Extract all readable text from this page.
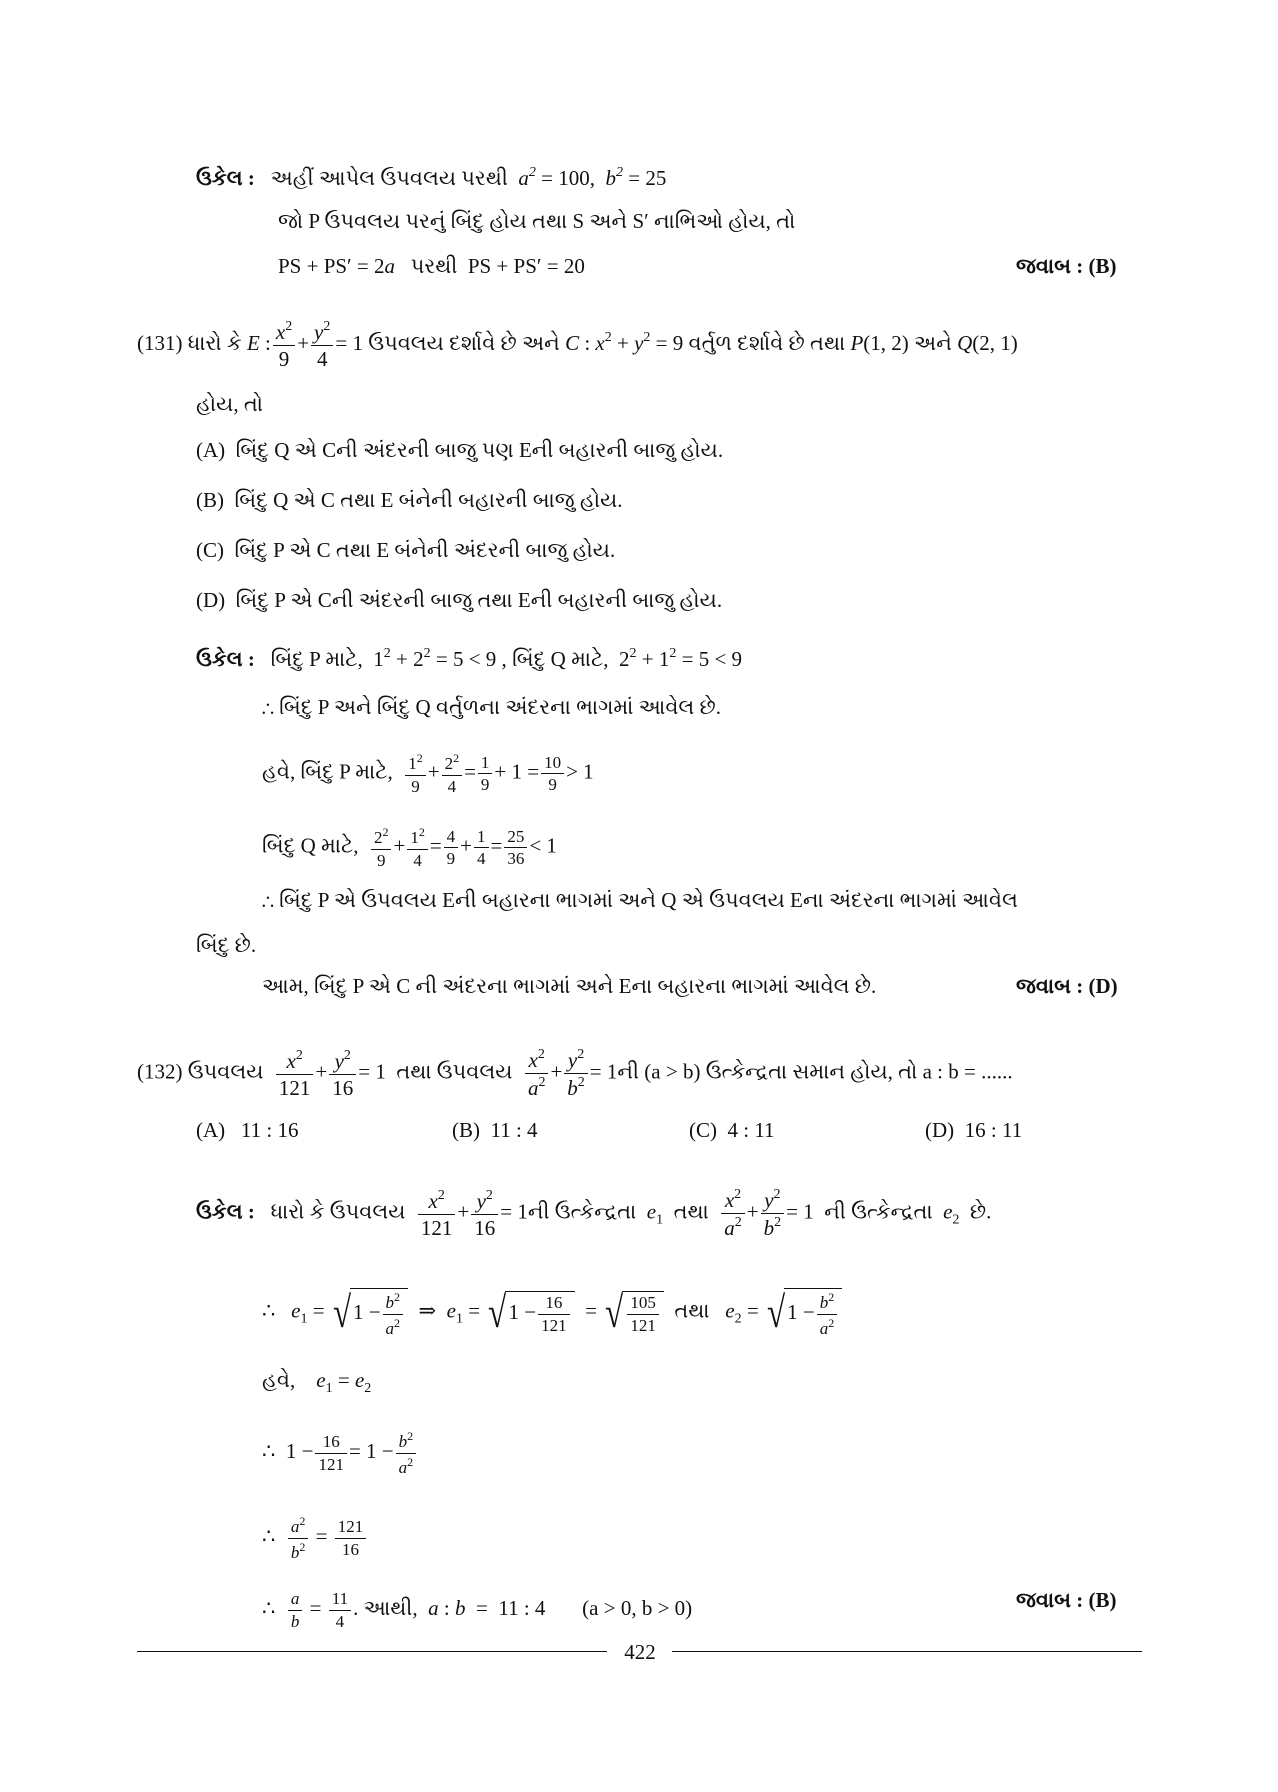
ઉકેલ : અહીં આપેલ ઉપવલય પરથી $a^2 = 100$,  $b^2 = 25$
જો P ઉપવલય પરનું બિંદુ હોય તથા S અને S′ નાભિઓ હોય, તો
PS + PS′ = 2a પરથી  PS + PS′ = 20	જવાબ : (B)
(131) ધારો કે E : $\frac{x^2}{9} + \frac{y^2}{4} = 1$ ઉપવલય દર્શાવે છે અને C : $x^2 + y^2 = 9$ વર્તુળ દર્શાવે છે તથા P(1, 2) અને Q(2, 1)
હોય, તો
(A) બિંદુ Q એ Cની અંદરની બાજુ પણ Eની બહારની બાજુ હોય.
(B) બિંદુ Q એ C તથા E બંનેની બહારની બાજુ હોય.
(C) બિંદુ P એ C તથા E બંનેની અંદરની બાજુ હોય.
(D) બિંદુ P એ Cની અંદરની બાજુ તથા Eની બહારની બાજુ હોય.
ઉકેલ : બિંદુ P માટે,  $1^2 + 2^2 = 5 < 9$ , બિંદુ Q માટે,  $2^2 + 1^2 = 5 < 9$
∴ બિંદુ P અને બિંદુ Q વર્તુળના અંદરના ભાગમાં આવેલ છે.
હવે, બિંદુ P માટે, $\frac{1^2}{9} + \frac{2^2}{4} = \frac{1}{9} + 1 = \frac{10}{9} > 1$
બિંદુ Q માટે, $\frac{2^2}{9} + \frac{1^2}{4} = \frac{4}{9} + \frac{1}{4} = \frac{25}{36} < 1$
∴ બિંદુ P એ ઉપવલય Eની બહારના ભાગમાં અને Q એ ઉપવલય Eના અંદરના ભાગમાં આવેલ
બિંદુ છે.
આમ, બિંદુ P એ C ની અંદરના ભાગમાં અને Eના બહારના ભાગમાં આવેલ છે.	જવાબ : (D)
(132) ઉપવલય $\frac{x^2}{121} + \frac{y^2}{16} = 1$  તથા ઉપવલય $\frac{x^2}{a^2} + \frac{y^2}{b^2}$ = 1ની (a > b) ઉત્કેન્દ્રતા સમાન હોય, તો a : b = ......
(A) 11 : 16	(B) 11 : 4	(C) 4 : 11	(D) 16 : 11
ઉકેલ : ધારો કે ઉપવલય $\frac{x^2}{121} + \frac{y^2}{16}$ = 1ની ઉત્કેન્દ્રતા $e_1$ તથા $\frac{x^2}{a^2} + \frac{y^2}{b^2} = 1$  ની ઉત્કેન્દ્રતા $e_2$ છે.
∴   $e_1 = √1 - \frac{b^2}{a^2}$ ⇒  $e_1 = √1 - \frac{16}{121}$ = √ $\frac{105}{121}$ તથા $e_2 = √1 - \frac{b^2}{a^2}$
હવે, $e_1 = e_2$
∴  $1 - \frac{16}{121} = 1 - \frac{b^2}{a^2}$
∴ $\frac{a^2}{b^2} = \frac{121}{16}$
∴ $\frac{a}{b} = \frac{11}{4}$ . આથી, a : b  =  11 : 4       (a > 0, b > 0)	જવાબ : (B)
422
